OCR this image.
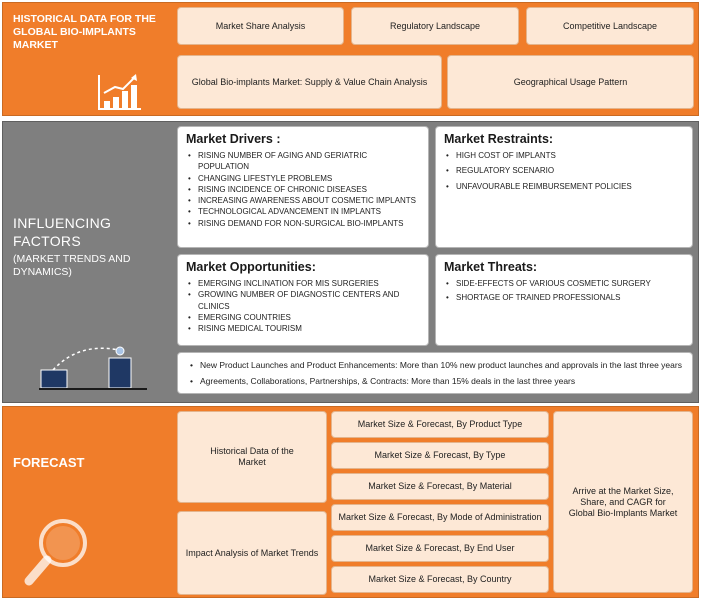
HISTORICAL DATA FOR THE GLOBAL BIO-IMPLANTS MARKET
Market Share Analysis	Regulatory Landscape	Competitive Landscape
Global Bio-implants Market: Supply & Value Chain Analysis	Geographical Usage Pattern
INFLUENCING FACTORS
(MARKET TRENDS AND DYNAMICS)
Market Drivers :
• RISING NUMBER OF AGING AND GERIATRIC POPULATION
• CHANGING LIFESTYLE PROBLEMS
• RISING INCIDENCE OF CHRONIC DISEASES
• INCREASING AWARENESS ABOUT COSMETIC IMPLANTS
• TECHNOLOGICAL ADVANCEMENT IN IMPLANTS
• RISING DEMAND FOR NON-SURGICAL BIO-IMPLANTS
Market Restraints:
• HIGH COST OF IMPLANTS
• REGULATORY SCENARIO
• UNFAVOURABLE REIMBURSEMENT POLICIES
Market Opportunities:
• EMERGING INCLINATION FOR MIS SURGERIES
• GROWING NUMBER OF DIAGNOSTIC CENTERS AND CLINICS
• EMERGING COUNTRIES
• RISING MEDICAL TOURISM
Market Threats:
• SIDE-EFFECTS OF VARIOUS COSMETIC SURGERY
• SHORTAGE OF TRAINED PROFESSIONALS
• New Product Launches and Product Enhancements: More than 10% new product launches and approvals in the last three years
• Agreements, Collaborations, Partnerships, & Contracts: More than 15% deals in the last three years
FORECAST
Historical Data of the Market
Impact Analysis of Market Trends
Market Size & Forecast, By Product Type
Market Size & Forecast, By Type
Market Size & Forecast, By Material
Market Size & Forecast, By Mode of Administration
Market Size & Forecast, By End User
Market Size & Forecast, By Country
Arrive at the Market Size, Share, and CAGR for Global Bio-Implants Market
